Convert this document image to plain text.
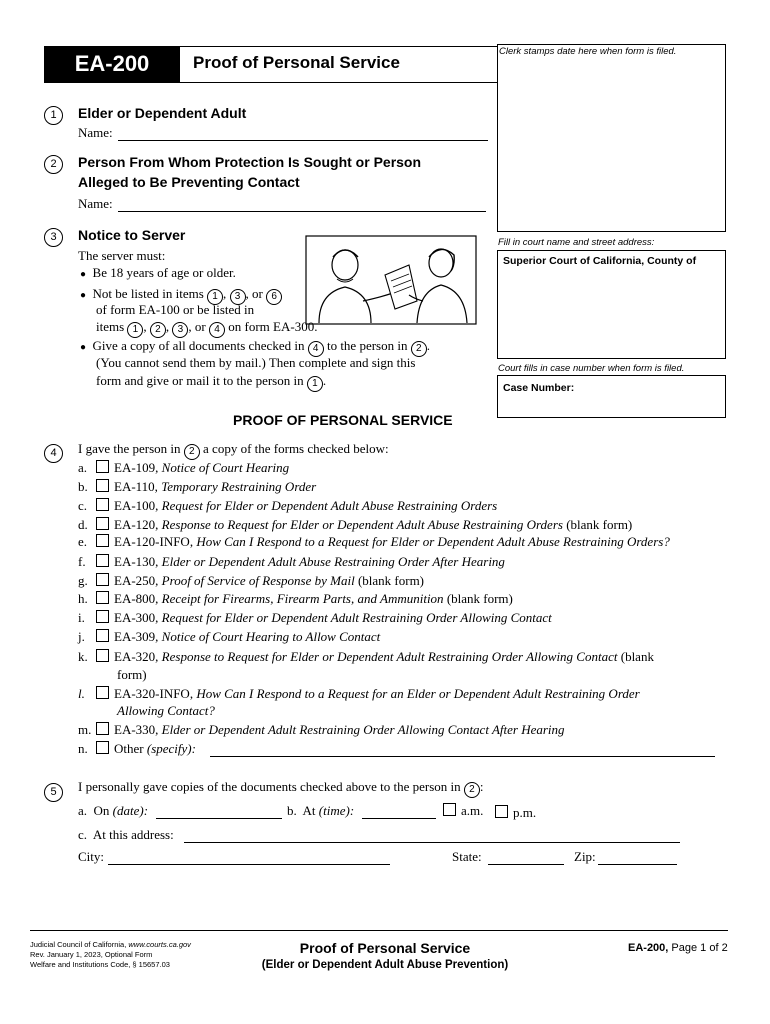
EA-200	Proof of Personal Service
Clerk stamps date here when form is filed.
Fill in court name and street address:
Superior Court of California, County of
Court fills in case number when form is filed.
Case Number:
1	Elder or Dependent Adult
Name:
2	Person From Whom Protection Is Sought or Person
Alleged to Be Preventing Contact
Name:
3	Notice to Server
The server must:
● Be 18 years of age or older.
● Not be listed in items 1 , 3 , or 6
of form EA-100 or be listed in
items 1 , 2 , 3 , or 4 on form EA-300.
● Give a copy of all documents checked in 4 to the person in 2 .
(You cannot send them by mail.) Then complete and sign this
form and give or mail it to the person in 1 .
PROOF OF PERSONAL SERVICE
4	I gave the person in 2 a copy of the forms checked below:
a. EA-109, Notice of Court Hearing
b. EA-110, Temporary Restraining Order
c. EA-100, Request for Elder or Dependent Adult Abuse Restraining Orders
d. EA-120, Response to Request for Elder or Dependent Adult Abuse Restraining Orders (blank form)
e. EA-120-INFO, How Can I Respond to a Request for Elder or Dependent Adult Abuse Restraining Orders?
f. EA-130, Elder or Dependent Adult Abuse Restraining Order After Hearing
g. EA-250, Proof of Service of Response by Mail (blank form)
h. EA-800, Receipt for Firearms, Firearm Parts, and Ammunition (blank form)
i. EA-300, Request for Elder or Dependent Adult Restraining Order Allowing Contact
j. EA-309, Notice of Court Hearing to Allow Contact
k. EA-320, Response to Request for Elder or Dependent Adult Restraining Order Allowing Contact (blank
form)
l. EA-320-INFO, How Can I Respond to a Request for an Elder or Dependent Adult Restraining Order
Allowing Contact?
m. EA-330, Elder or Dependent Adult Restraining Order Allowing Contact After Hearing
n. Other (specify):
5	I personally gave copies of the documents checked above to the person in 2 :
a. On (date):	b. At (time):	a.m.	p.m.
c. At this address:
City:	State:	Zip:
Judicial Council of California, www.courts.ca.gov
Rev. January 1, 2023, Optional Form
Welfare and Institutions Code, § 15657.03
Proof of Personal Service
(Elder or Dependent Adult Abuse Prevention)
EA-200, Page 1 of 2
